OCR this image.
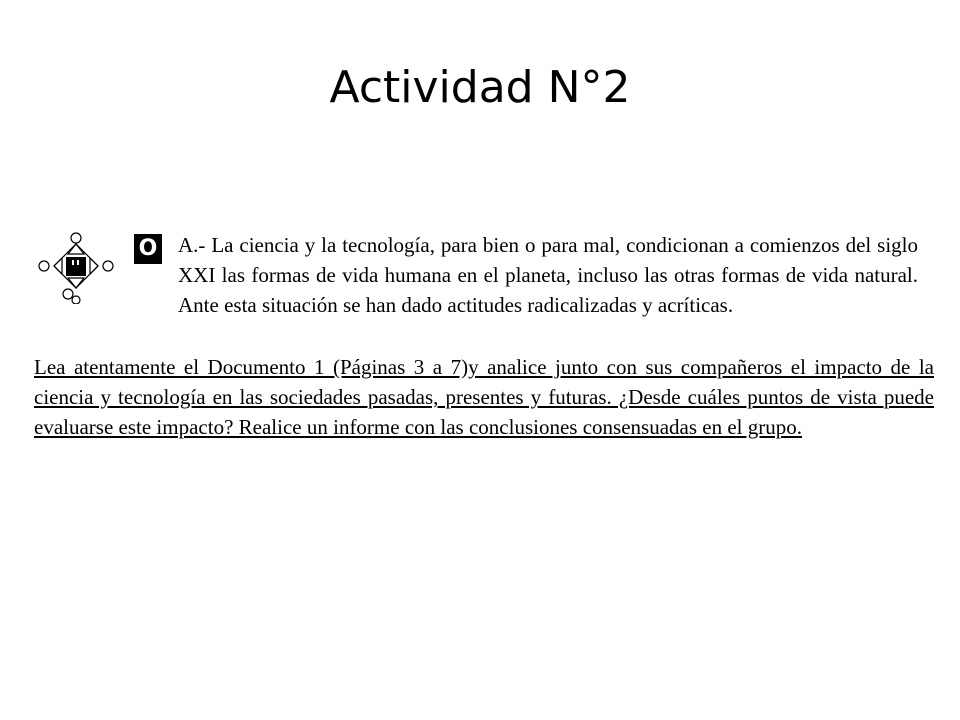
Actividad N°2
O A.- La ciencia y la tecnología, para bien o para mal, condicionan a comienzos del siglo XXI las formas de vida humana en el planeta, incluso las otras formas de vida natural. Ante esta situación se han dado actitudes radicalizadas y acríticas.

Lea atentamente el Documento 1 (Páginas 3 a 7)y analice junto con sus compañeros el impacto de la ciencia y tecnología en las sociedades pasadas, presentes y futuras. ¿Desde cuáles puntos de vista puede evaluarse este impacto? Realice un informe con las conclusiones consensuadas en el grupo.
